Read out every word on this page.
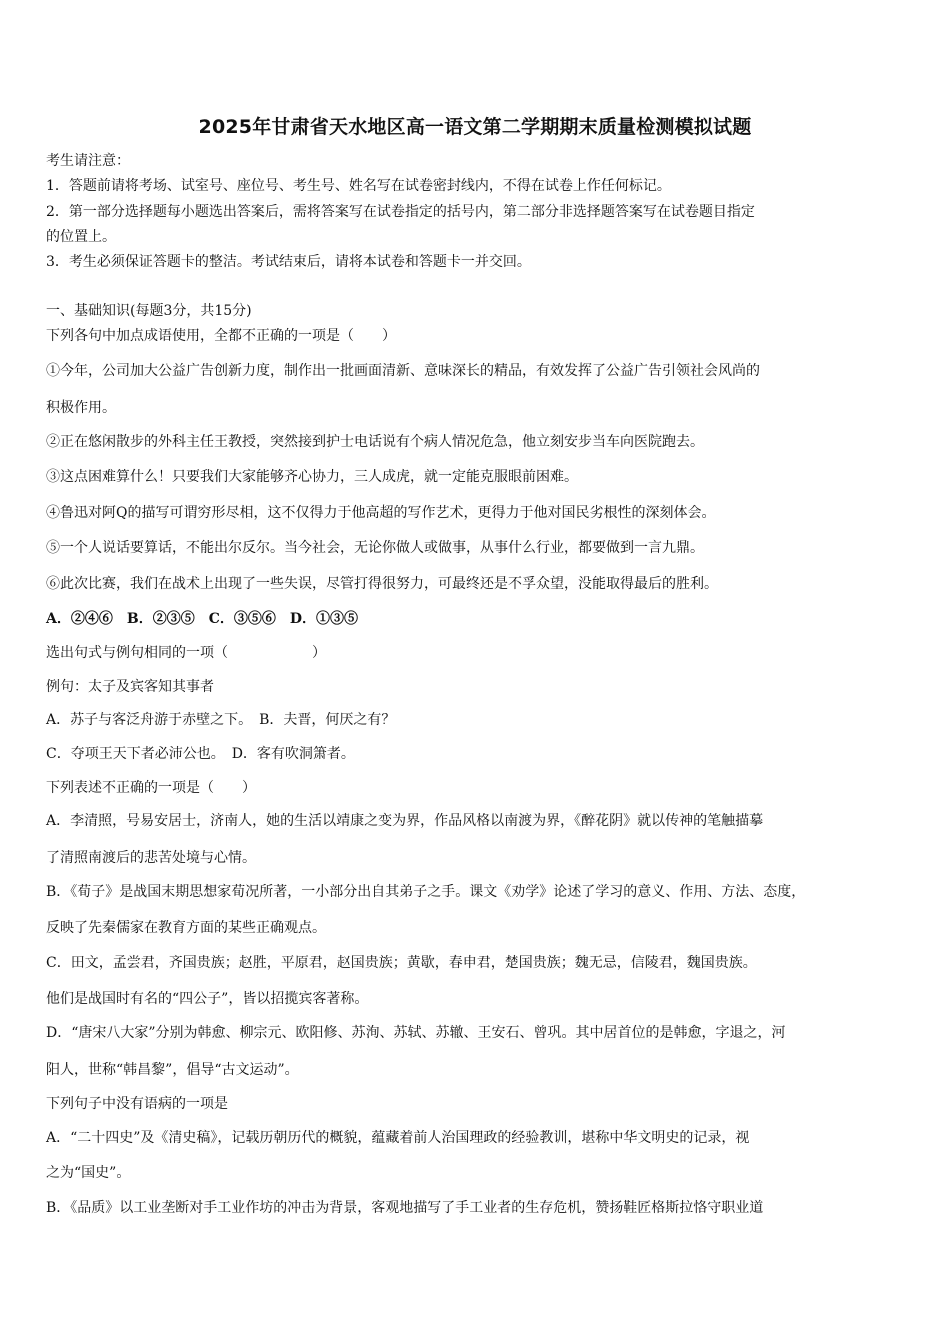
2025年甘肃省天水地区高一语文第二学期期末质量检测模拟试题
考生请注意：
1．答题前请将考场、试室号、座位号、考生号、姓名写在试卷密封线内，不得在试卷上作任何标记。
2．第一部分选择题每小题选出答案后，需将答案写在试卷指定的括号内，第二部分非选择题答案写在试卷题目指定
的位置上。
3．考生必须保证答题卡的整洁。考试结束后，请将本试卷和答题卡一并交回。
一、基础知识(每题3分，共15分)
下列各句中加点成语使用，全都不正确的一项是（　　）
①今年，公司加大公益广告创新力度，制作出一批画面清新、意味深长的精品，有效发挥了公益广告引领社会风尚的
积极作用。
②正在悠闲散步的外科主任王教授，突然接到护士电话说有个病人情况危急，他立刻安步当车向医院跑去。
③这点困难算什么！只要我们大家能够齐心协力，三人成虎，就一定能克服眼前困难。
④鲁迅对阿Q的描写可谓穷形尽相，这不仅得力于他高超的写作艺术，更得力于他对国民劣根性的深刻体会。
⑤一个人说话要算话，不能出尔反尔。当今社会，无论你做人或做事，从事什么行业，都要做到一言九鼎。
⑥此次比赛，我们在战术上出现了一些失误，尽管打得很努力，可最终还是不孚众望，没能取得最后的胜利。
A．②④⑥　B．②③⑤　C．③⑤⑥　D．①③⑤
选出句式与例句相同的一项（　　　　　　）
例句：太子及宾客知其事者
A．苏子与客泛舟游于赤壁之下。　B．夫晋，何厌之有？
C．夺项王天下者必沛公也。　D．客有吹洞箫者。
下列表述不正确的一项是（　　）
A．李清照，号易安居士，济南人，她的生活以靖康之变为界，作品风格以南渡为界，《醉花阴》就以传神的笔触描摹
了清照南渡后的悲苦处境与心情。
B．《荀子》是战国末期思想家荀况所著，一小部分出自其弟子之手。课文《劝学》论述了学习的意义、作用、方法、态度，
反映了先秦儒家在教育方面的某些正确观点。
C．田文，孟尝君，齐国贵族；赵胜，平原君，赵国贵族；黄歇，春申君，楚国贵族；魏无忌，信陵君，魏国贵族。
他们是战国时有名的“四公子”，皆以招揽宾客著称。
D．“唐宋八大家”分别为韩愈、柳宗元、欧阳修、苏洵、苏轼、苏辙、王安石、曾巩。其中居首位的是韩愈，字退之，河
阳人，世称“韩昌黎”，倡导“古文运动”。
下列句子中没有语病的一项是
A．“二十四史”及《清史稿》，记载历朝历代的概貌，蕴藏着前人治国理政的经验教训，堪称中华文明史的记录，视
之为“国史”。
B．《品质》以工业垄断对手工业作坊的冲击为背景，客观地描写了手工业者的生存危机，赞扬鞋匠格斯拉恪守职业道
